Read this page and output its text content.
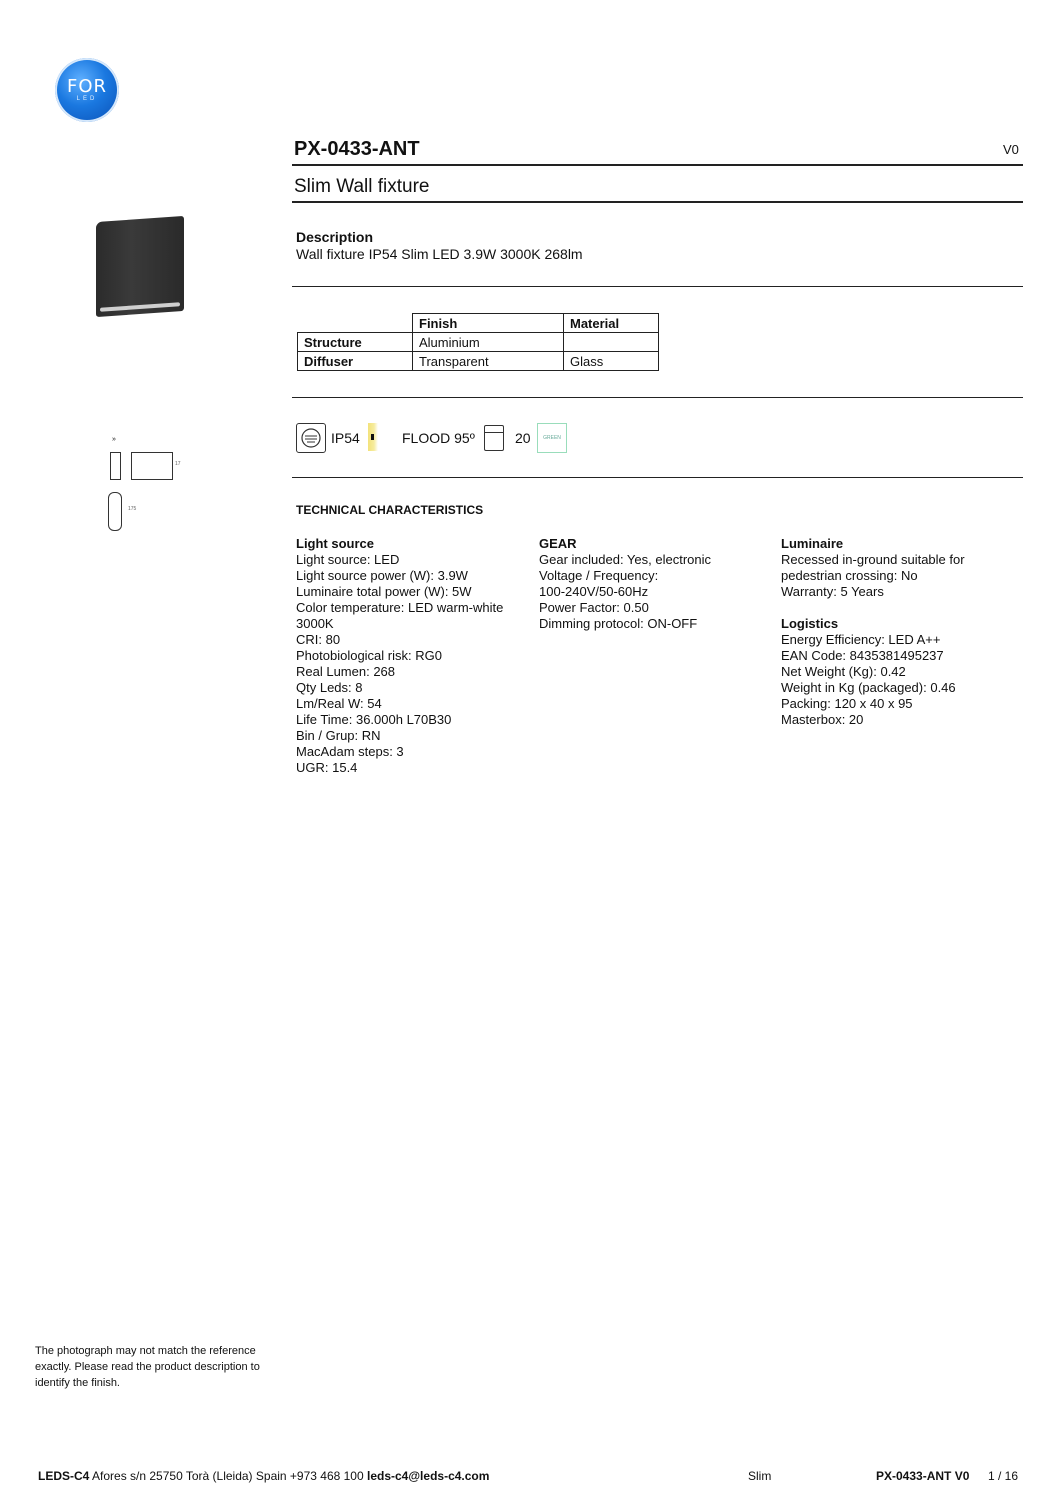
FOR
LED
PX-0433-ANT	V0
Slim Wall fixture
Description
Wall fixture IP54 Slim LED 3.9W 3000K 268lm
	Finish	Material
Structure	Aluminium	
Diffuser	Transparent	Glass
IP54	FLOOD 95º	20	GREEN
»
17
175	TECHNICAL CHARACTERISTICS
Light source
Light source: LED
Light source power (W): 3.9W
Luminaire total power (W): 5W
Color temperature: LED warm-white
3000K
CRI: 80
Photobiological risk: RG0
Real Lumen: 268
Qty Leds: 8
Lm/Real W: 54
Life Time: 36.000h L70B30
Bin / Grup: RN
MacAdam steps: 3
UGR: 15.4
GEAR
Gear included: Yes, electronic
Voltage / Frequency:
100-240V/50-60Hz
Power Factor: 0.50
Dimming protocol: ON-OFF
Luminaire
Recessed in-ground suitable for
pedestrian crossing: No
Warranty: 5 Years
Logistics
Energy Efficiency: LED A++
EAN Code: 8435381495237
Net Weight (Kg): 0.42
Weight in Kg (packaged): 0.46
Packing: 120 x 40 x 95
Masterbox: 20
The photograph may not match the reference exactly. Please read the product description to identify the finish.
LEDS-C4 Afores s/n 25750 Torà (Lleida) Spain +973 468 100 leds-c4@leds-c4.com	Slim	PX-0433-ANT V0 1 / 16
